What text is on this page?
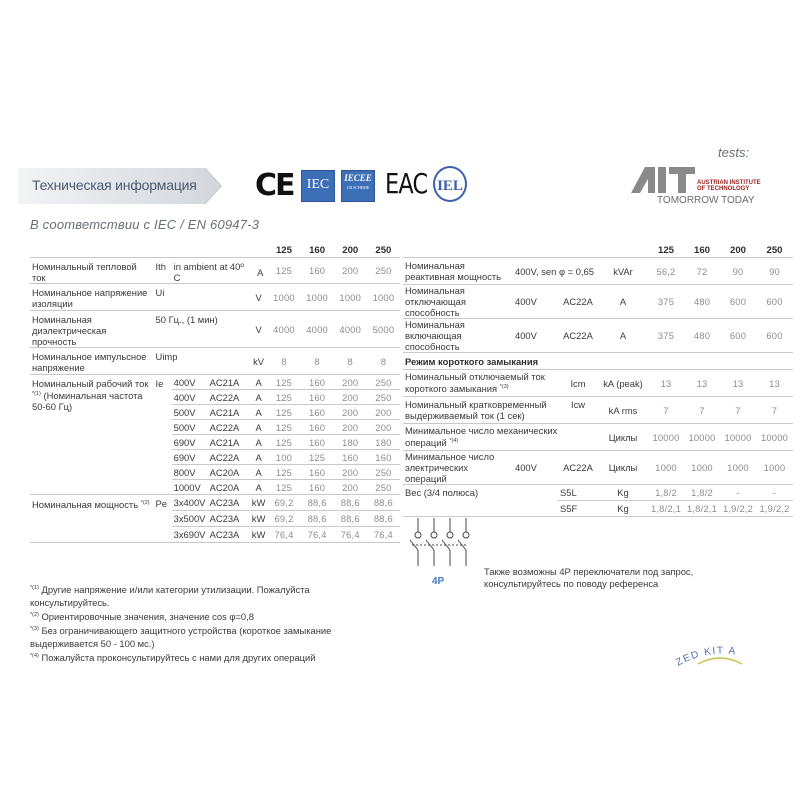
Техническая информация
В соответствии с IEC / EN 60947-3
CE IEC	IECEE
CB SCHEME EAC IEL
tests:
AUSTRIAN INSTITUTE
OF TECHNOLOGY
TOMORROW TODAY
					125	160	200	250
Номинальный тепловой ток	Ith	in ambient at 40º C A			125	160	200	250
Номинальное напряжение изоляции	Ui			V	1000	1000	1000	1000
Номинальная диэлектрическая прочность	50 Гц., (1 мин)			V	4000	4000	4000	5000
Номинальное импульсное напряжение	Uimp			kV	8	8	8	8
Номинальный рабочий ток $^{*(1)}$ (Номинальная частота 50-60 Гц)	Ie	400V	AC21A	A	125	160	200	250
		400V	AC22A	A	125	160	200	250
		500V	AC21A	A	125	160	200	200
		500V	AC22A	A	125	160	200	200
		690V	AC21A	A	125	160	180	180
		690V	AC22A	A	100	125	160	160
		800V	AC20A	A	125	160	200	250
		1000V	AC20A	A	125	160	200	250
Номинальная мощность $^{*(2)}$	Pe	3x400V	AC23A	kW	69,2	88,6	88,6	88,6
		3x500V	AC23A	kW	69,2	88,6	88,6	88,6
		3x690V	AC23A	kW	76,4	76,4	76,4	76,4
				125	160	200	250
Номинальная реактивная мощность	400V, sen φ = 0,65		kVAr	56,2	72	90	90
Номинальная отключающая способность	400V	AC22A	A	375	480	600	600
Номинальная включающая способность	400V	AC22A	A	375	480	600	600
Режим короткого замыкания							
Номинальный отключаемый ток короткого замыкания $^{*(3)}$		Icm	kA (peak)	13	13	13	13
Номинальный кратковременный выдерживаемый ток (1 сек)		Icw	kA rms	7	7	7	7
Минимальное число механических операций $^{*(4)}$			Циклы	10000	10000	10000	10000
Минимальное число электрических операций	400V	AC22A	Циклы	1000	1000	1000	1000
Вес (3/4 полюса)		S5L	Kg	1,8/2	1,8/2	-	-
		S5F	Kg	1,8/2,1	1,8/2,1	1,9/2,2	1,9/2,2
4P
Также возможны 4P переключатели под запрос, консультируйтесь по поводу референса

$^{*(1)}$ Другие напряжение и/или категории утилизации. Пожалуйста консультируйтесь.

$^{*(2)}$ Ориентировочные значения, значение cos φ=0,8

$^{*(3)}$ Без ограничивающего защитного устройства (короткое замыкание выдерживается 50 - 100 мс.)

$^{*(4)}$ Пожалуйста проконсультируйтесь с нами для других операций	ZED KIT A
